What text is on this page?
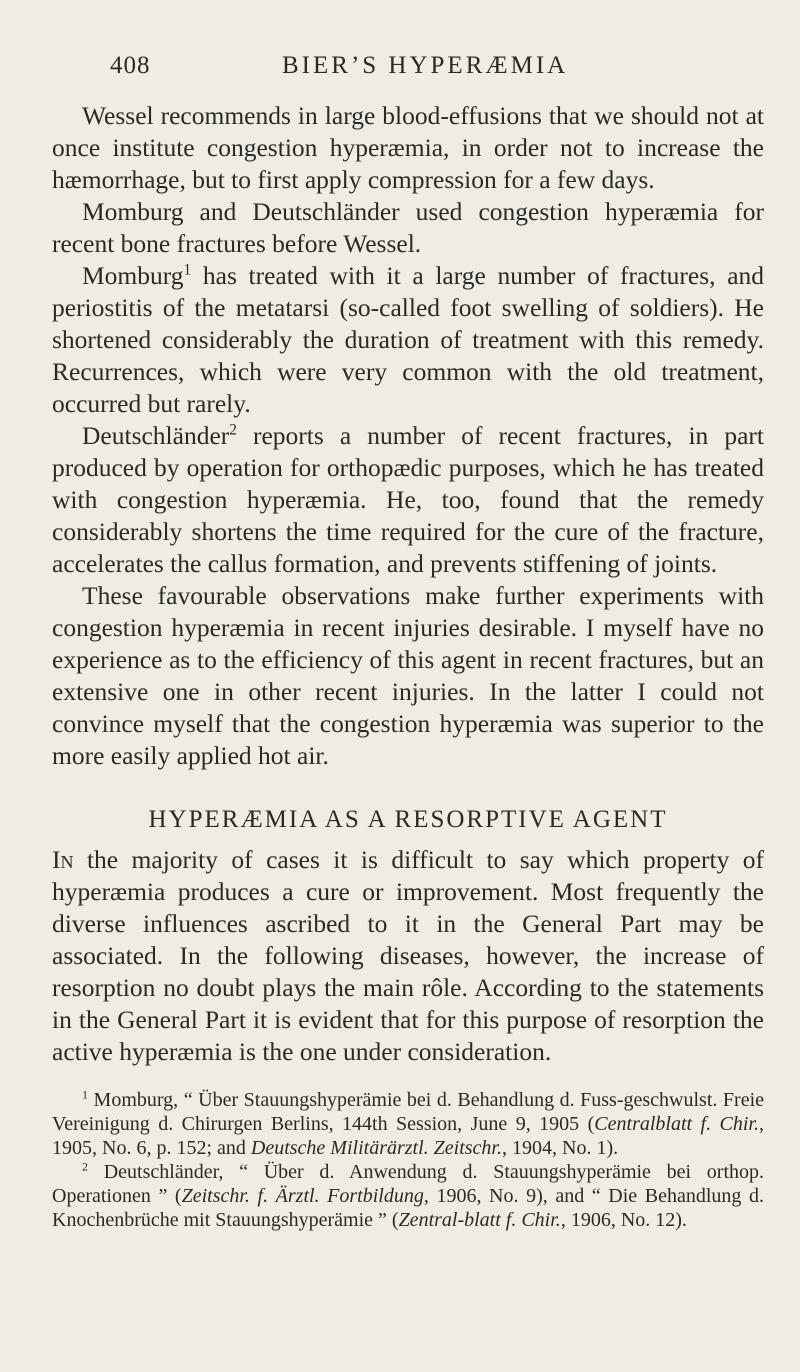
408	BIER’S HYPERÆMIA

Wessel recommends in large blood-effusions that we should not at once institute congestion hyperæmia, in order not to increase the hæmorrhage, but to first apply compression for a few days.

Momburg and Deutschländer used congestion hyperæmia for recent bone fractures before Wessel.

Momburg$^1$ has treated with it a large number of fractures, and periostitis of the metatarsi (so-called foot swelling of soldiers). He shortened considerably the duration of treatment with this remedy. Recurrences, which were very common with the old treatment, occurred but rarely.

Deutschländer$^2$ reports a number of recent fractures, in part produced by operation for orthopædic purposes, which he has treated with congestion hyperæmia. He, too, found that the remedy considerably shortens the time required for the cure of the fracture, accelerates the callus formation, and prevents stiffening of joints.

These favourable observations make further experiments with congestion hyperæmia in recent injuries desirable. I myself have no experience as to the efficiency of this agent in recent fractures, but an extensive one in other recent injuries. In the latter I could not convince myself that the congestion hyperæmia was superior to the more easily applied hot air.

HYPERÆMIA AS A RESORPTIVE AGENT

In the majority of cases it is difficult to say which property of hyperæmia produces a cure or improvement. Most frequently the diverse influences ascribed to it in the General Part may be associated. In the following diseases, however, the increase of resorption no doubt plays the main rôle. According to the statements in the General Part it is evident that for this purpose of resorption the active hyperæmia is the one under consideration.

$^1$ Momburg, “ Über Stauungshyperämie bei d. Behandlung d. Fuss-geschwulst. Freie Vereinigung d. Chirurgen Berlins, 144th Session, June 9, 1905 (Centralblatt f. Chir., 1905, No. 6, p. 152; and Deutsche Militärärztl. Zeitschr., 1904, No. 1).

$^2$ Deutschländer, “ Über d. Anwendung d. Stauungshyperämie bei orthop. Operationen ” (Zeitschr. f. Ärztl. Fortbildung, 1906, No. 9), and “ Die Behandlung d. Knochenbrüche mit Stauungshyperämie ” (Zentral-blatt f. Chir., 1906, No. 12).
